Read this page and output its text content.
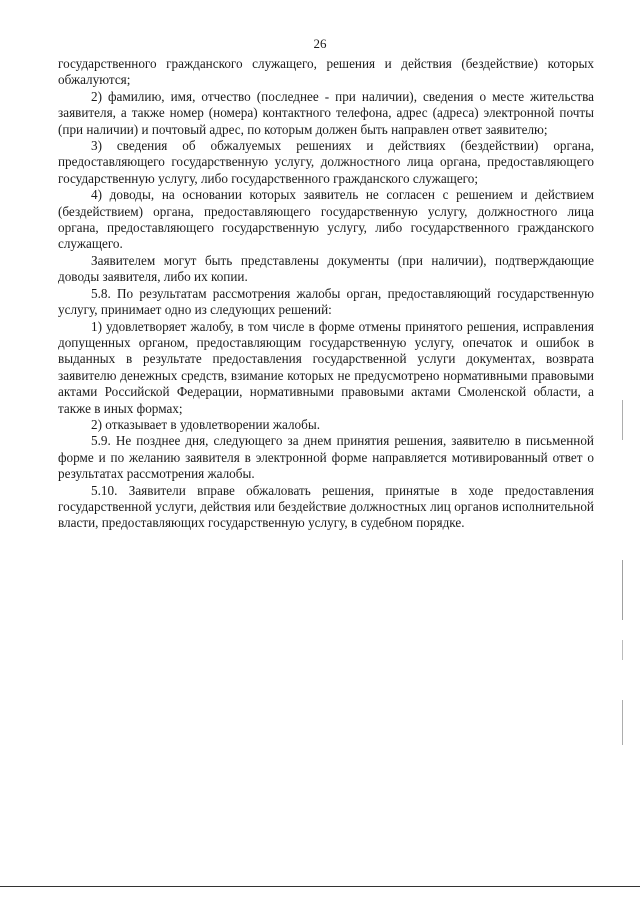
26

государственного гражданского служащего, решения и действия (бездействие) которых обжалуются;

2) фамилию, имя, отчество (последнее - при наличии), сведения о месте жительства заявителя, а также номер (номера) контактного телефона, адрес (адреса) электронной почты (при наличии) и почтовый адрес, по которым должен быть направлен ответ заявителю;

3) сведения об обжалуемых решениях и действиях (бездействии) органа, предоставляющего государственную услугу, должностного лица органа, предоставляющего государственную услугу, либо государственного гражданского служащего;

4) доводы, на основании которых заявитель не согласен с решением и действием (бездействием) органа, предоставляющего государственную услугу, должностного лица органа, предоставляющего государственную услугу, либо государственного гражданского служащего.

Заявителем могут быть представлены документы (при наличии), подтверждающие доводы заявителя, либо их копии.

5.8. По результатам рассмотрения жалобы орган, предоставляющий государственную услугу, принимает одно из следующих решений:

1) удовлетворяет жалобу, в том числе в форме отмены принятого решения, исправления допущенных органом, предоставляющим государственную услугу, опечаток и ошибок в выданных в результате предоставления государственной услуги документах, возврата заявителю денежных средств, взимание которых не предусмотрено нормативными правовыми актами Российской Федерации, нормативными правовыми актами Смоленской области, а также в иных формах;

2) отказывает в удовлетворении жалобы.

5.9. Не позднее дня, следующего за днем принятия решения, заявителю в письменной форме и по желанию заявителя в электронной форме направляется мотивированный ответ о результатах рассмотрения жалобы.

5.10. Заявители вправе обжаловать решения, принятые в ходе предоставления государственной услуги, действия или бездействие должностных лиц органов исполнительной власти, предоставляющих государственную услугу, в судебном порядке.
